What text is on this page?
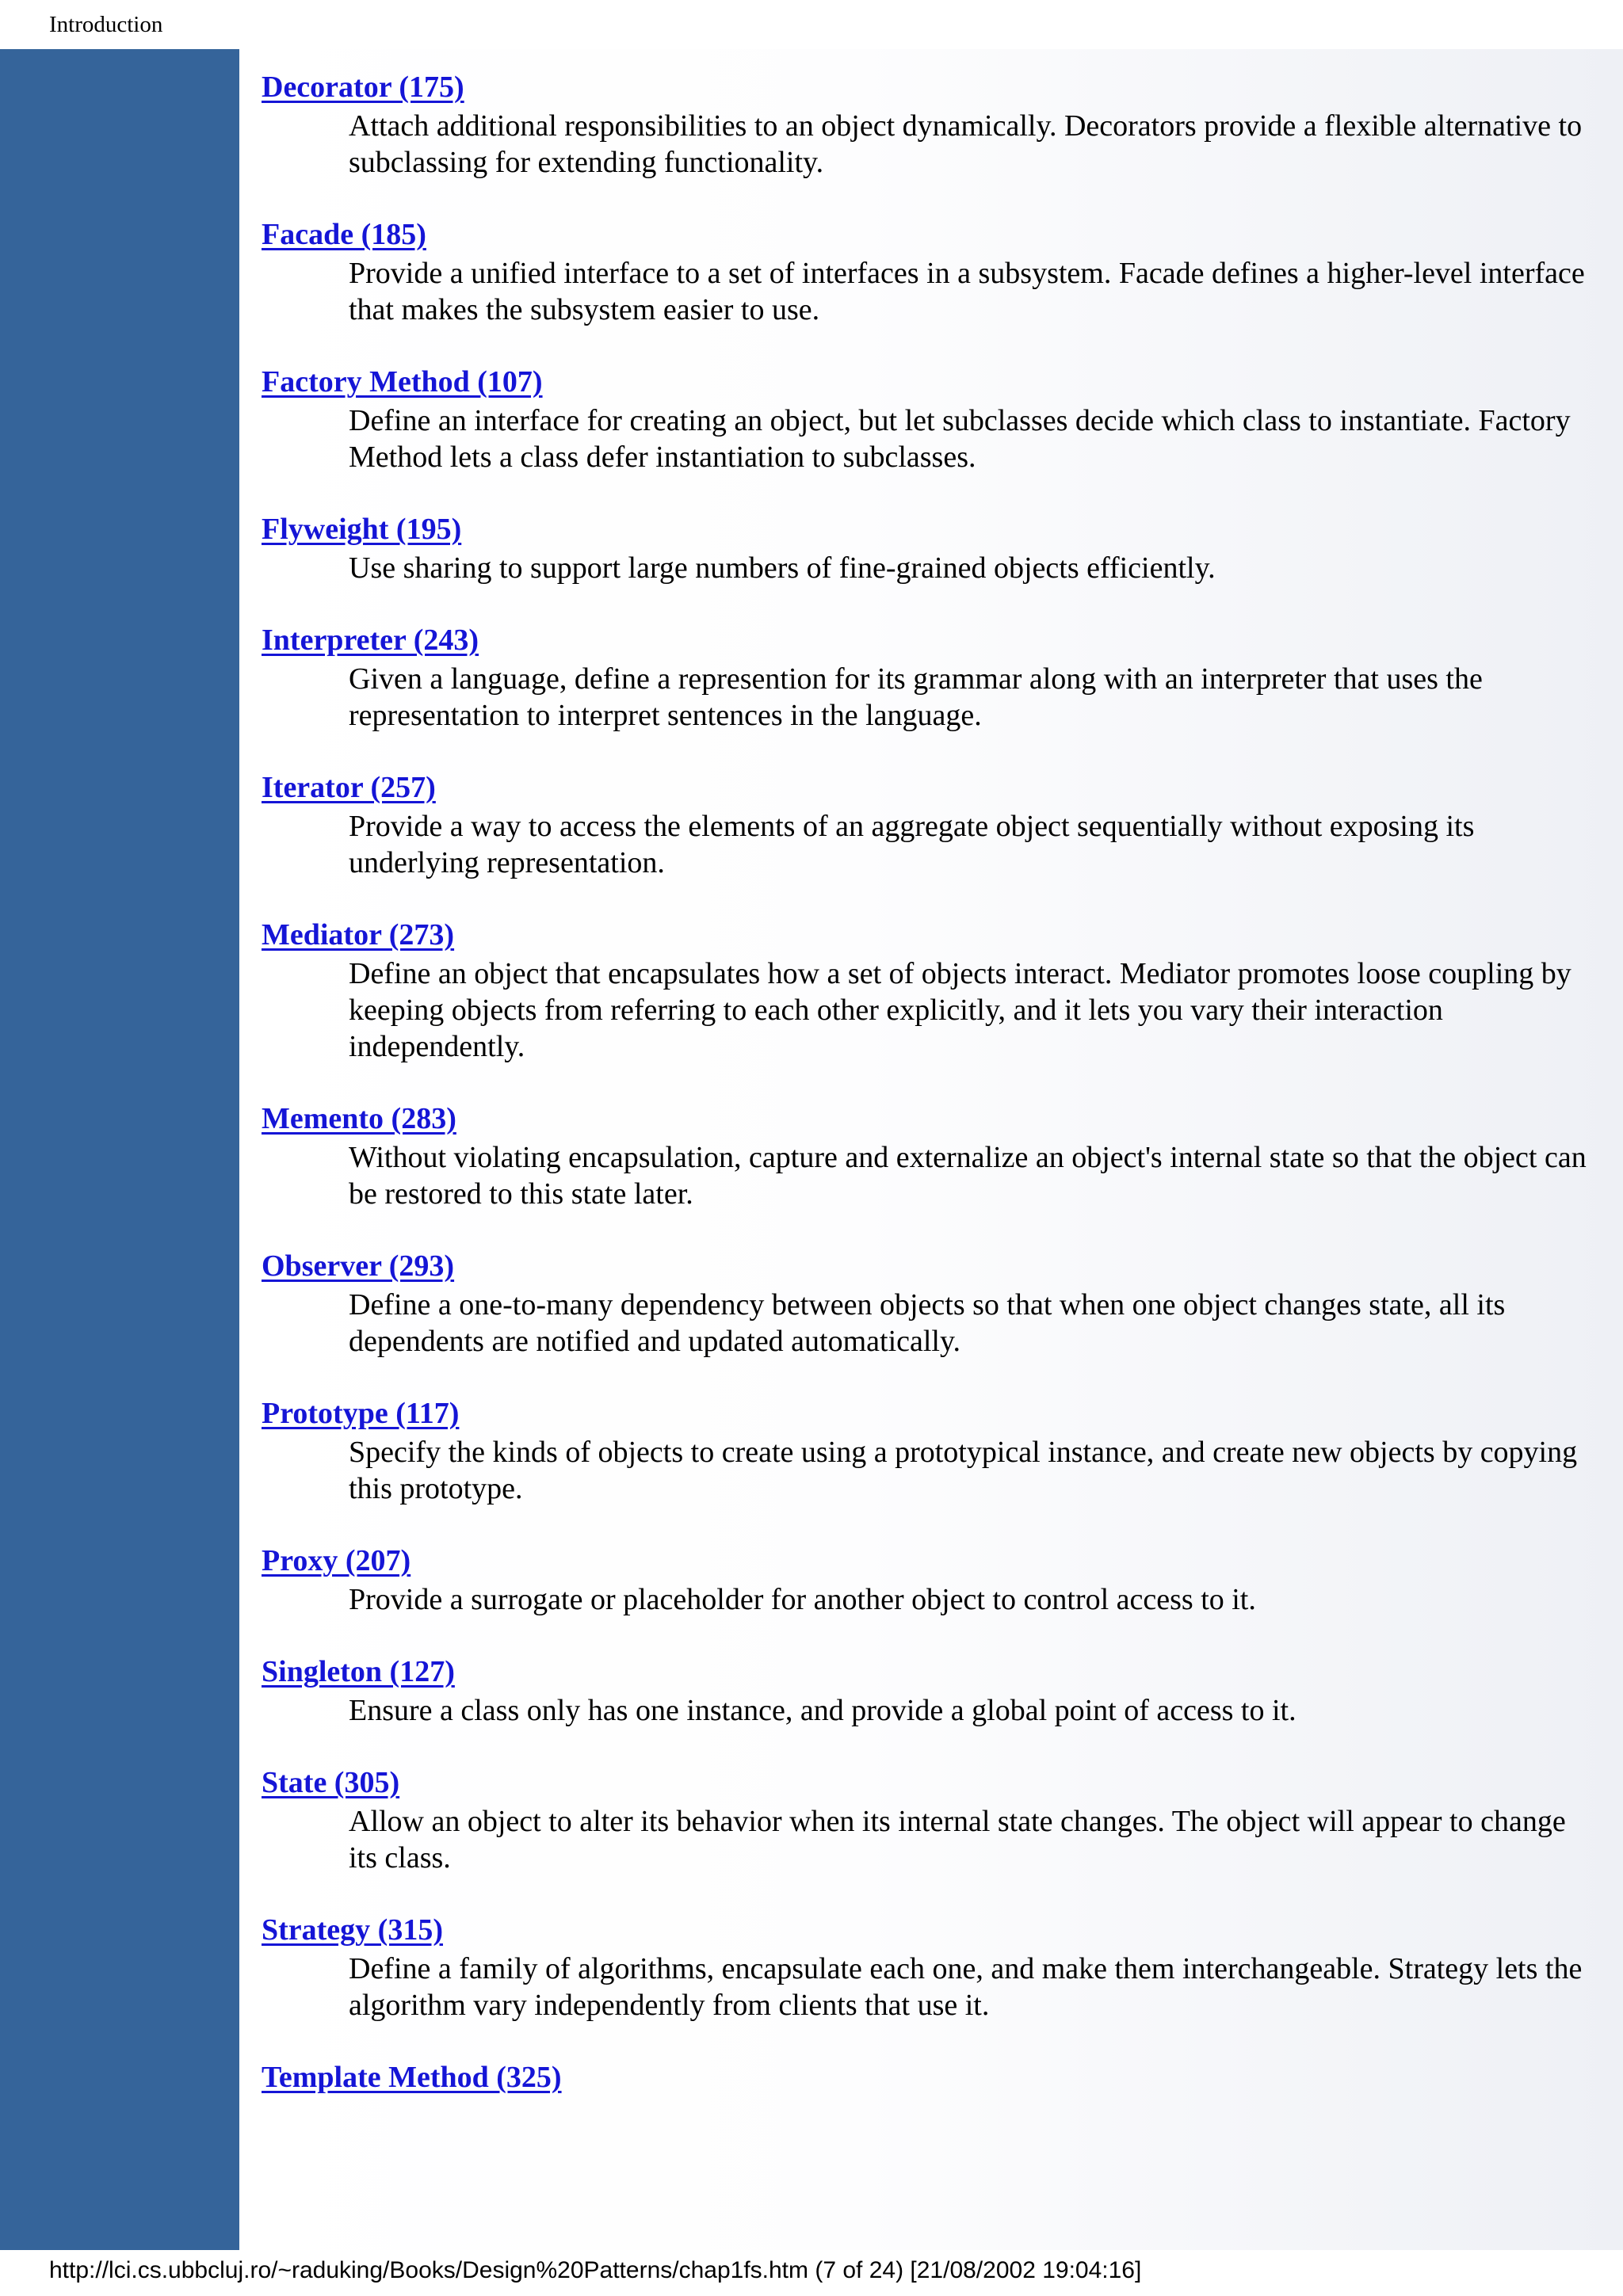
Introduction
Decorator (175)

Attach additional responsibilities to an object dynamically. Decorators provide a flexible alternative to subclassing for extending functionality.

Facade (185)

Provide a unified interface to a set of interfaces in a subsystem. Facade defines a higher-level interface that makes the subsystem easier to use.

Factory Method (107)

Define an interface for creating an object, but let subclasses decide which class to instantiate. Factory Method lets a class defer instantiation to subclasses.

Flyweight (195)

Use sharing to support large numbers of fine-grained objects efficiently.

Interpreter (243)

Given a language, define a represention for its grammar along with an interpreter that uses the representation to interpret sentences in the language.

Iterator (257)

Provide a way to access the elements of an aggregate object sequentially without exposing its underlying representation.

Mediator (273)

Define an object that encapsulates how a set of objects interact. Mediator promotes loose coupling by keeping objects from referring to each other explicitly, and it lets you vary their interaction independently.

Memento (283)

Without violating encapsulation, capture and externalize an object's internal state so that the object can be restored to this state later.

Observer (293)

Define a one-to-many dependency between objects so that when one object changes state, all its dependents are notified and updated automatically.

Prototype (117)

Specify the kinds of objects to create using a prototypical instance, and create new objects by copying this prototype.

Proxy (207)

Provide a surrogate or placeholder for another object to control access to it.

Singleton (127)

Ensure a class only has one instance, and provide a global point of access to it.

State (305)

Allow an object to alter its behavior when its internal state changes. The object will appear to change its class.

Strategy (315)

Define a family of algorithms, encapsulate each one, and make them interchangeable. Strategy lets the algorithm vary independently from clients that use it.

Template Method (325)
http://lci.cs.ubbcluj.ro/~raduking/Books/Design%20Patterns/chap1fs.htm (7 of 24) [21/08/2002 19:04:16]
